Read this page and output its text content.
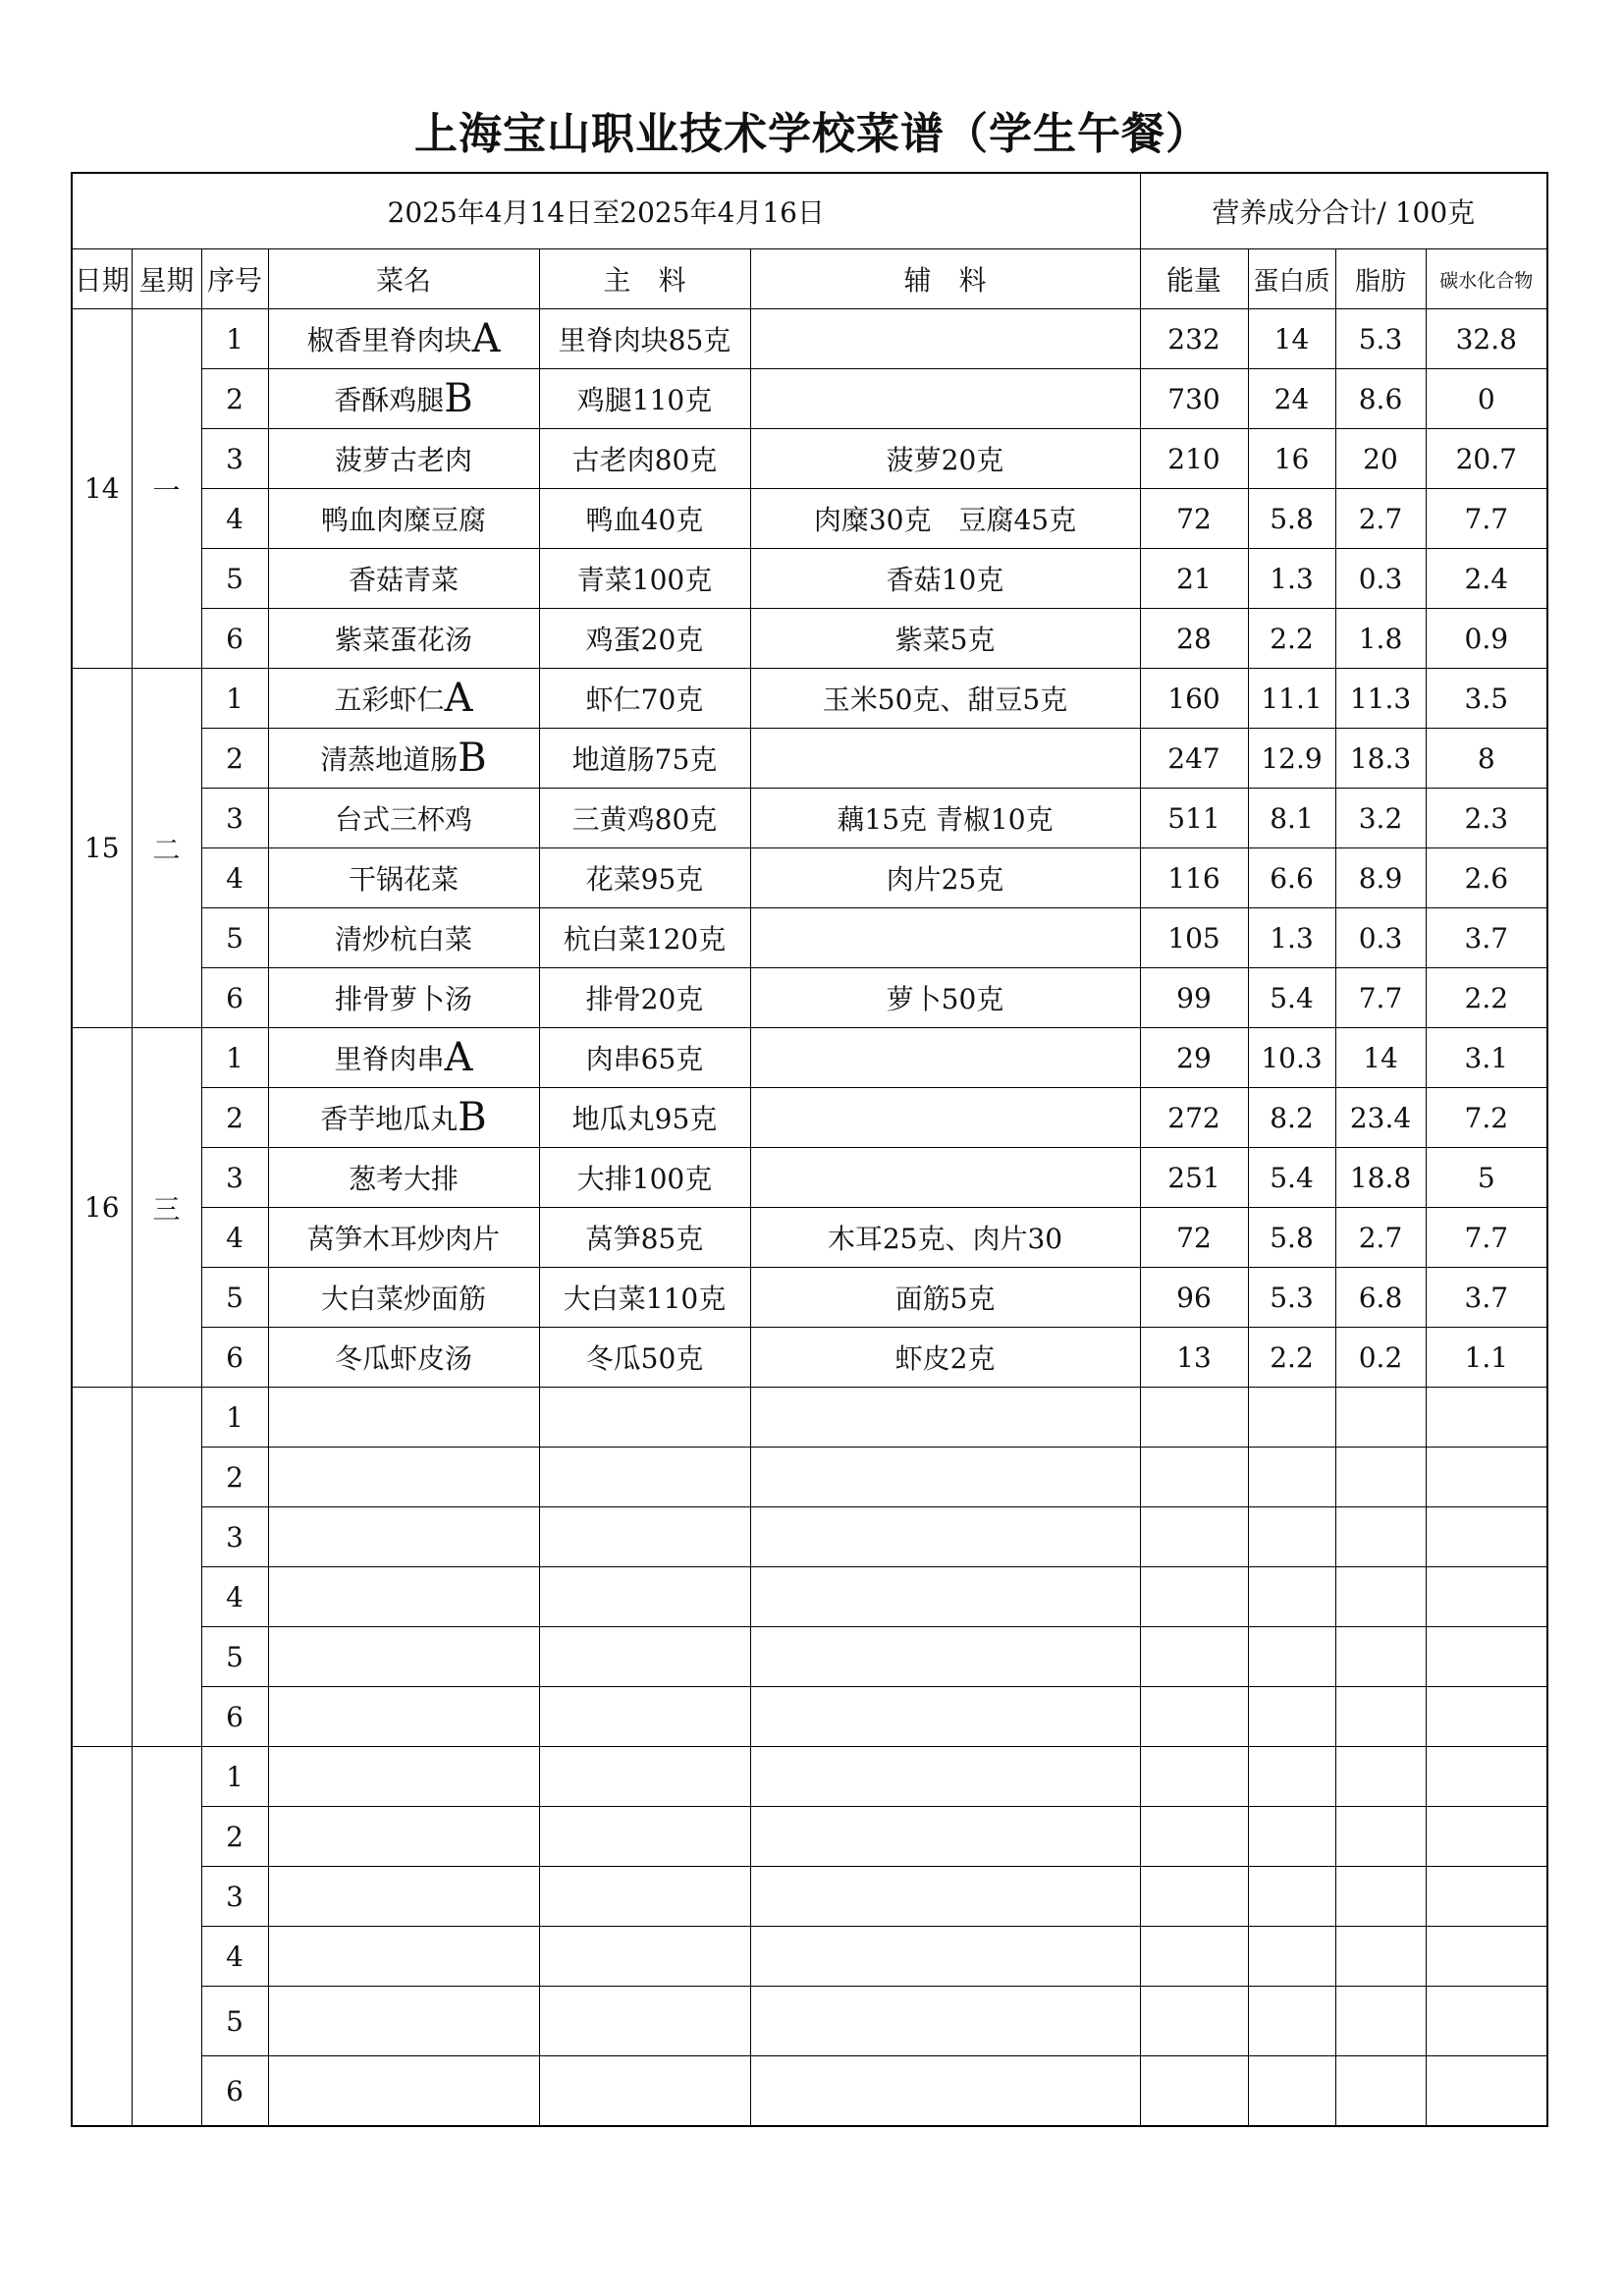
上海宝山职业技术学校菜谱（学生午餐）
2025年4月14日至2025年4月16日						营养成分合计/ 100克			
日期	星期	序号	菜名	主　料	辅　料	能量	蛋白质	脂肪	碳水化合物
14	一	1	椒香里脊肉块A	里脊肉块85克		232	14	5.3	32.8
		2	香酥鸡腿B	鸡腿110克		730	24	8.6	0
		3	菠萝古老肉	古老肉80克	菠萝20克	210	16	20	20.7
		4	鸭血肉糜豆腐	鸭血40克	肉糜30克　豆腐45克	72	5.8	2.7	7.7
		5	香菇青菜	青菜100克	香菇10克	21	1.3	0.3	2.4
		6	紫菜蛋花汤	鸡蛋20克	紫菜5克	28	2.2	1.8	0.9
15	二	1	五彩虾仁A	虾仁70克	玉米50克、甜豆5克	160	11.1	11.3	3.5
		2	清蒸地道肠B	地道肠75克		247	12.9	18.3	8
		3	台式三杯鸡	三黄鸡80克	藕15克 青椒10克	511	8.1	3.2	2.3
		4	干锅花菜	花菜95克	肉片25克	116	6.6	8.9	2.6
		5	清炒杭白菜	杭白菜120克		105	1.3	0.3	3.7
		6	排骨萝卜汤	排骨20克	萝卜50克	99	5.4	7.7	2.2
16	三	1	里脊肉串A	肉串65克		29	10.3	14	3.1
		2	香芋地瓜丸B	地瓜丸95克		272	8.2	23.4	7.2
		3	葱考大排	大排100克		251	5.4	18.8	5
		4	莴笋木耳炒肉片	莴笋85克	木耳25克、肉片30	72	5.8	2.7	7.7
		5	大白菜炒面筋	大白菜110克	面筋5克	96	5.3	6.8	3.7
		6	冬瓜虾皮汤	冬瓜50克	虾皮2克	13	2.2	0.2	1.1
		1							
		2							
		3							
		4							
		5							
		6							
		1							
		2							
		3							
		4							
		5							
		6							
